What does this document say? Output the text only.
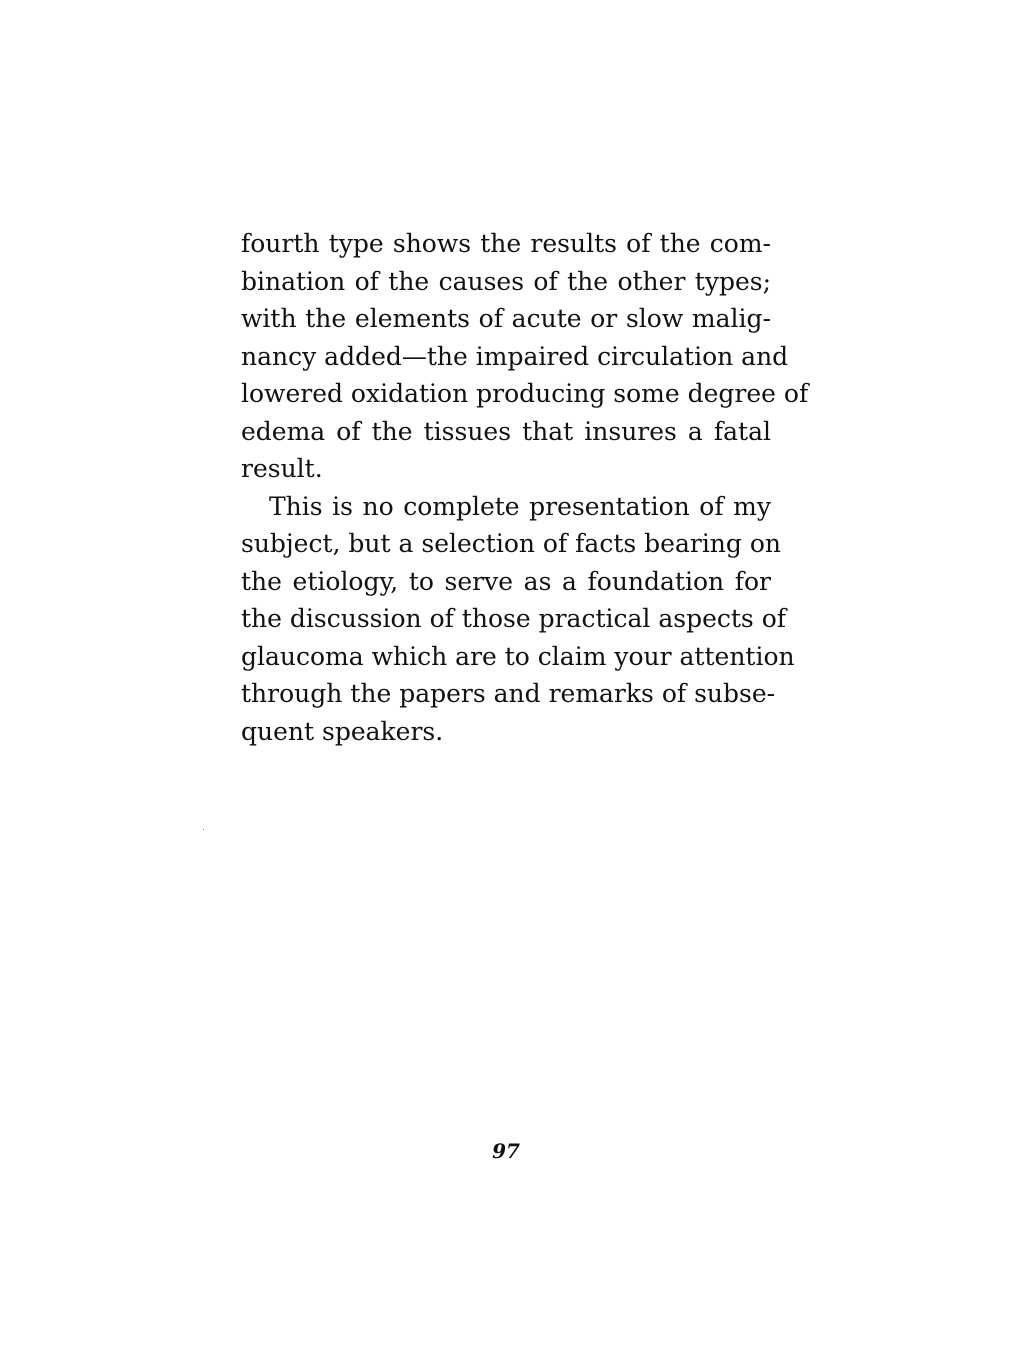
fourth type shows the results of the com-
bination of the causes of the other types;
with the elements of acute or slow malig-
nancy added—the impaired circulation and
lowered oxidation producing some degree of
edema of the tissues that insures a fatal
result.
This is no complete presentation of my
subject, but a selection of facts bearing on
the etiology, to serve as a foundation for
the discussion of those practical aspects of
glaucoma which are to claim your attention
through the papers and remarks of subse-
quent speakers.
97
